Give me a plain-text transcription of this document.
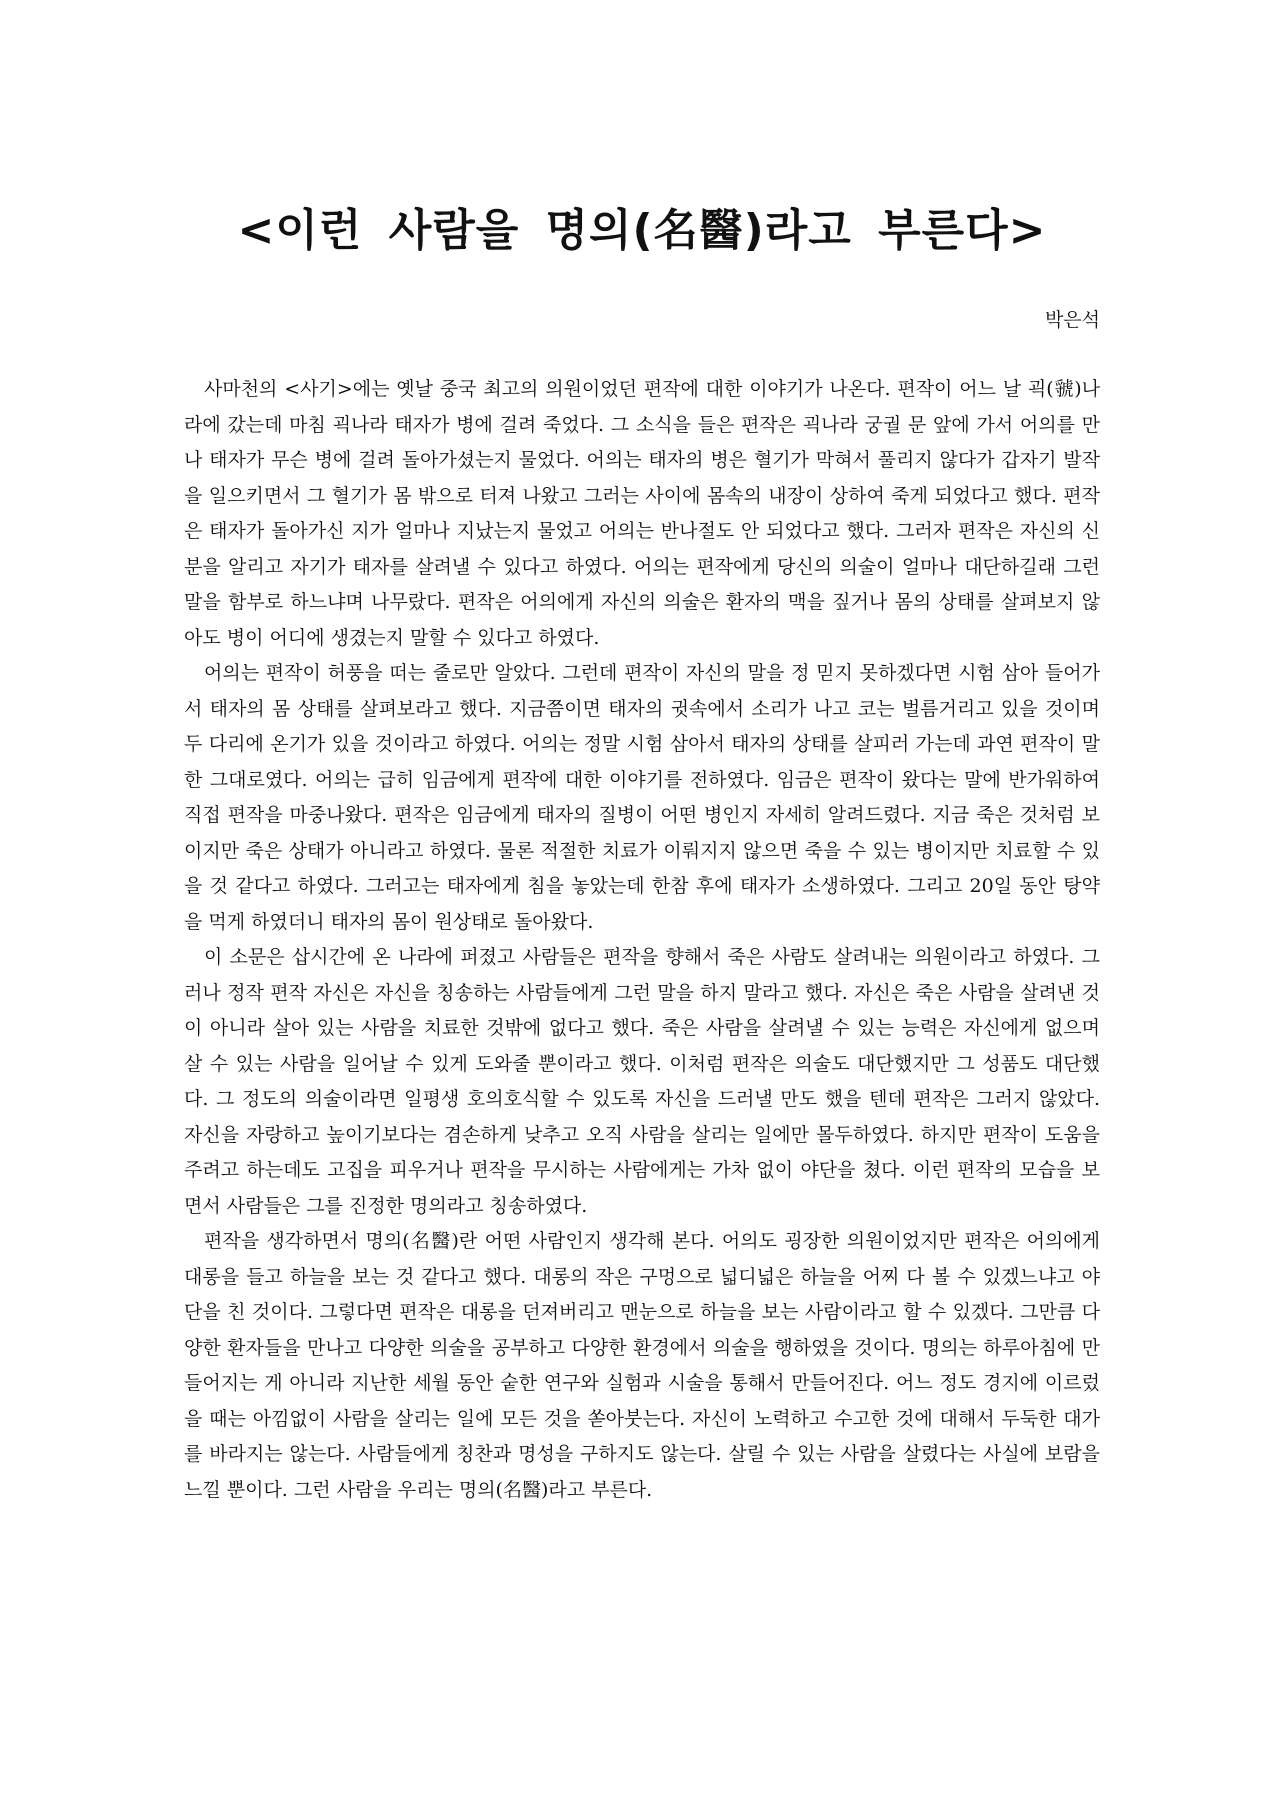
<이런 사람을 명의(名醫)라고 부른다>
박은석

사마천의 <사기>에는 옛날 중국 최고의 의원이었던 편작에 대한 이야기가 나온다. 편작이 어느 날 괵(虢)나라에 갔는데 마침 괵나라 태자가 병에 걸려 죽었다. 그 소식을 들은 편작은 괵나라 궁궐 문 앞에 가서 어의를 만나 태자가 무슨 병에 걸려 돌아가셨는지 물었다. 어의는 태자의 병은 혈기가 막혀서 풀리지 않다가 갑자기 발작을 일으키면서 그 혈기가 몸 밖으로 터져 나왔고 그러는 사이에 몸속의 내장이 상하여 죽게 되었다고 했다. 편작은 태자가 돌아가신 지가 얼마나 지났는지 물었고 어의는 반나절도 안 되었다고 했다. 그러자 편작은 자신의 신분을 알리고 자기가 태자를 살려낼 수 있다고 하였다. 어의는 편작에게 당신의 의술이 얼마나 대단하길래 그런 말을 함부로 하느냐며 나무랐다. 편작은 어의에게 자신의 의술은 환자의 맥을 짚거나 몸의 상태를 살펴보지 않아도 병이 어디에 생겼는지 말할 수 있다고 하였다.

어의는 편작이 허풍을 떠는 줄로만 알았다. 그런데 편작이 자신의 말을 정 믿지 못하겠다면 시험 삼아 들어가서 태자의 몸 상태를 살펴보라고 했다. 지금쯤이면 태자의 귓속에서 소리가 나고 코는 벌름거리고 있을 것이며 두 다리에 온기가 있을 것이라고 하였다. 어의는 정말 시험 삼아서 태자의 상태를 살피러 가는데 과연 편작이 말한 그대로였다. 어의는 급히 임금에게 편작에 대한 이야기를 전하였다. 임금은 편작이 왔다는 말에 반가워하여 직접 편작을 마중나왔다. 편작은 임금에게 태자의 질병이 어떤 병인지 자세히 알려드렸다. 지금 죽은 것처럼 보이지만 죽은 상태가 아니라고 하였다. 물론 적절한 치료가 이뤄지지 않으면 죽을 수 있는 병이지만 치료할 수 있을 것 같다고 하였다. 그러고는 태자에게 침을 놓았는데 한참 후에 태자가 소생하였다. 그리고 20일 동안 탕약을 먹게 하였더니 태자의 몸이 원상태로 돌아왔다.

이 소문은 삽시간에 온 나라에 퍼졌고 사람들은 편작을 향해서 죽은 사람도 살려내는 의원이라고 하였다. 그러나 정작 편작 자신은 자신을 칭송하는 사람들에게 그런 말을 하지 말라고 했다. 자신은 죽은 사람을 살려낸 것이 아니라 살아 있는 사람을 치료한 것밖에 없다고 했다. 죽은 사람을 살려낼 수 있는 능력은 자신에게 없으며 살 수 있는 사람을 일어날 수 있게 도와줄 뿐이라고 했다. 이처럼 편작은 의술도 대단했지만 그 성품도 대단했다. 그 정도의 의술이라면 일평생 호의호식할 수 있도록 자신을 드러낼 만도 했을 텐데 편작은 그러지 않았다. 자신을 자랑하고 높이기보다는 겸손하게 낮추고 오직 사람을 살리는 일에만 몰두하였다. 하지만 편작이 도움을 주려고 하는데도 고집을 피우거나 편작을 무시하는 사람에게는 가차 없이 야단을 쳤다. 이런 편작의 모습을 보면서 사람들은 그를 진정한 명의라고 칭송하였다.

편작을 생각하면서 명의(名醫)란 어떤 사람인지 생각해 본다. 어의도 굉장한 의원이었지만 편작은 어의에게 대롱을 들고 하늘을 보는 것 같다고 했다. 대롱의 작은 구멍으로 넓디넓은 하늘을 어찌 다 볼 수 있겠느냐고 야단을 친 것이다. 그렇다면 편작은 대롱을 던져버리고 맨눈으로 하늘을 보는 사람이라고 할 수 있겠다. 그만큼 다양한 환자들을 만나고 다양한 의술을 공부하고 다양한 환경에서 의술을 행하였을 것이다. 명의는 하루아침에 만들어지는 게 아니라 지난한 세월 동안 숱한 연구와 실험과 시술을 통해서 만들어진다. 어느 정도 경지에 이르렀을 때는 아낌없이 사람을 살리는 일에 모든 것을 쏟아붓는다. 자신이 노력하고 수고한 것에 대해서 두둑한 대가를 바라지는 않는다. 사람들에게 칭찬과 명성을 구하지도 않는다. 살릴 수 있는 사람을 살렸다는 사실에 보람을 느낄 뿐이다. 그런 사람을 우리는 명의(名醫)라고 부른다.
